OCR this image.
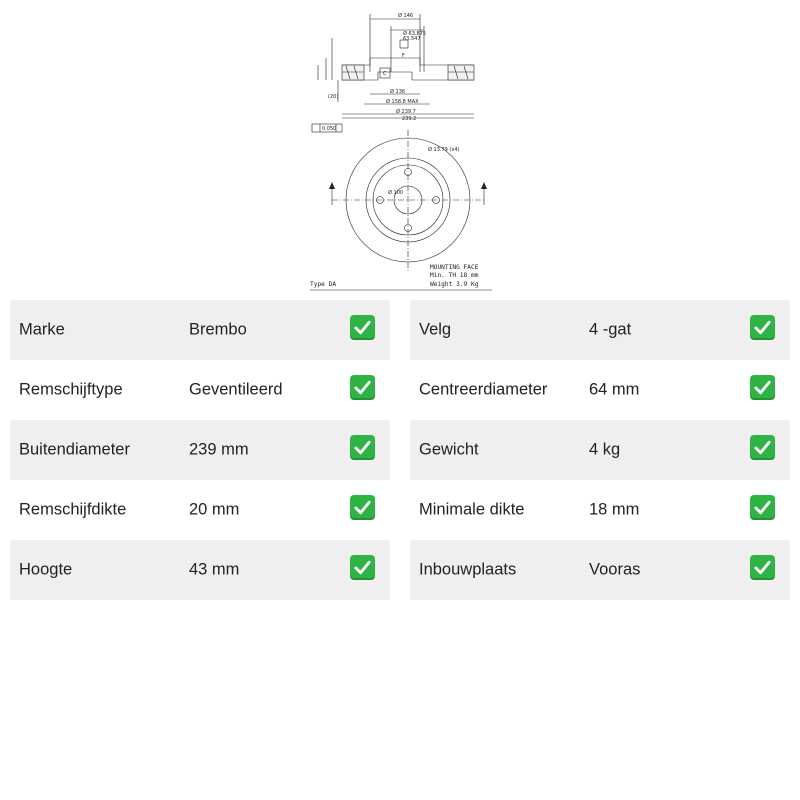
Ø 146
Ø 63.875
63.547
F
C
Ø 136
Ø 158.8 MAX
Ø 239.7
239.2
(20)
0.050
Ø 13.79 (x4)
Ø 100
MOUNTING FACE
Min. TH 18 mm
Weight 3.9 Kg
Type DA
Marke	Brembo
Remschijftype	Geventileerd
Buitendiameter	239 mm
Remschijfdikte	20 mm
Hoogte	43 mm
Velg	4 -gat
Centreerdiameter	64 mm
Gewicht	4 kg
Minimale dikte	18 mm
Inbouwplaats	Vooras
